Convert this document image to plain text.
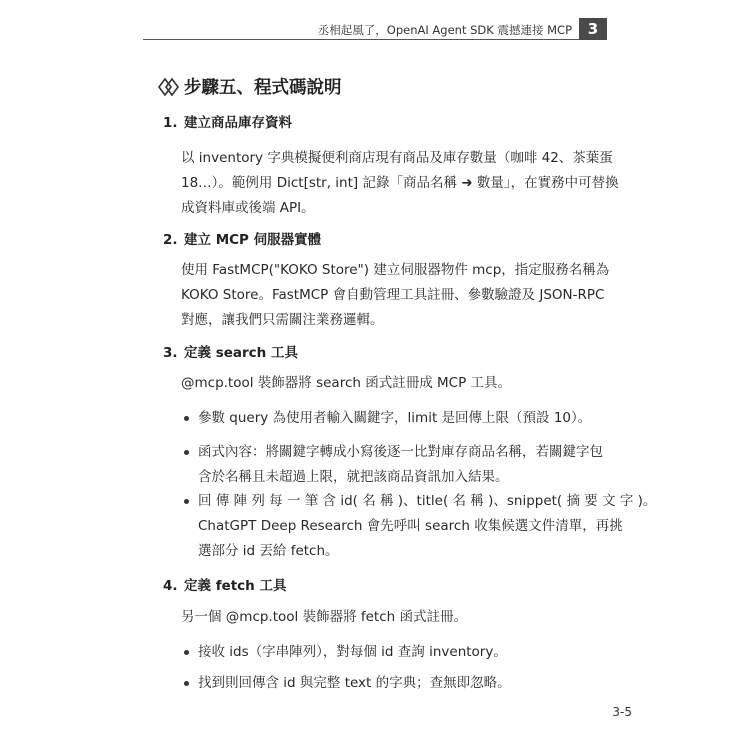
丞相起風了，OpenAI Agent SDK 震撼連接 MCP	3
步驟五、程式碼說明
1. 建立商品庫存資料
以 inventory 字典模擬便利商店現有商品及庫存數量（咖啡 42、茶葉蛋
18…）。範例用 Dict[str, int] 記錄「商品名稱 ➜ 數量」，在實務中可替換
成資料庫或後端 API。
2. 建立 MCP 伺服器實體
使用 FastMCP("KOKO Store") 建立伺服器物件 mcp，指定服務名稱為
KOKO Store。FastMCP 會自動管理工具註冊、參數驗證及 JSON-RPC
對應，讓我們只需關注業務邏輯。
3. 定義 search 工具
@mcp.tool 裝飾器將 search 函式註冊成 MCP 工具。
參數 query 為使用者輸入關鍵字，limit 是回傳上限（預設 10）。
函式內容：將關鍵字轉成小寫後逐一比對庫存商品名稱，若關鍵字包
含於名稱且未超過上限，就把該商品資訊加入結果。
回 傳 陣 列 每 一 筆 含 id( 名 稱 )、title( 名 稱 )、snippet( 摘 要 文 字 )。
ChatGPT Deep Research 會先呼叫 search 收集候選文件清單，再挑
選部分 id 丟給 fetch。
4. 定義 fetch 工具
另一個 @mcp.tool 裝飾器將 fetch 函式註冊。
接收 ids（字串陣列），對每個 id 查詢 inventory。
找到則回傳含 id 與完整 text 的字典；查無即忽略。
3-5
